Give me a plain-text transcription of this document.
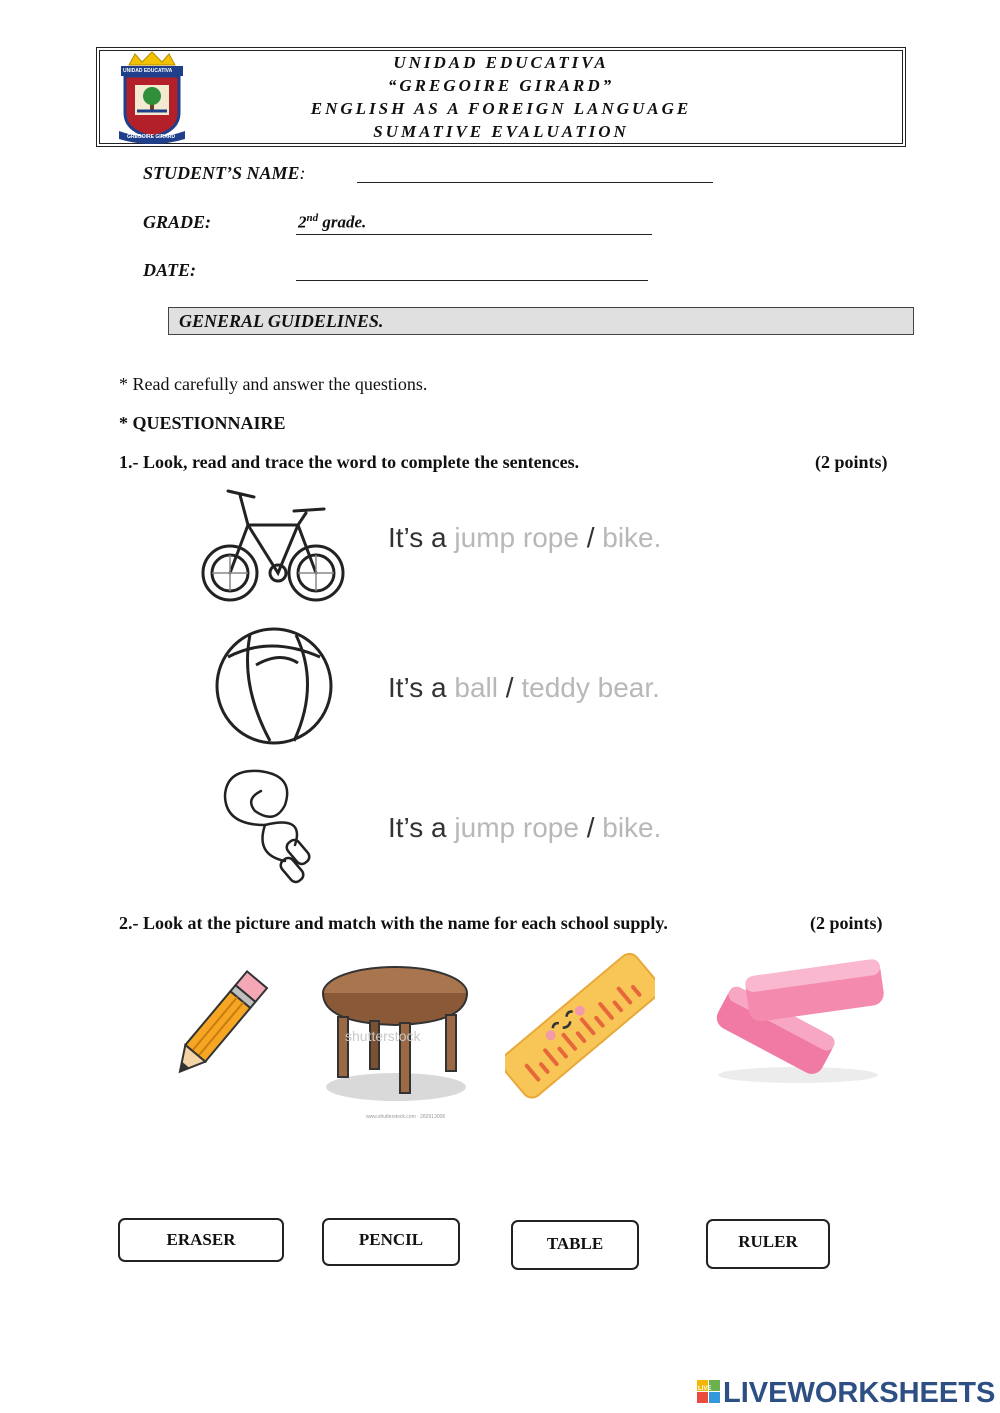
UNIDAD EDUCATIVA
GREGOIRE GIRARD
UNIDAD EDUCATIVA
“GREGOIRE GIRARD”
ENGLISH AS A FOREIGN LANGUAGE
SUMATIVE EVALUATION
STUDENT’S NAME:
GRADE:	2nd grade.
DATE:
GENERAL GUIDELINES.
* Read carefully and answer the questions.
* QUESTIONNAIRE
1.- Look, read and trace the word to complete the sentences.	(2 points)
It’s a jump rope / bike.
It’s a ball / teddy bear.
It’s a jump rope / bike.
2.- Look at the picture and match with the name for each school supply.	(2 points)
shutterstock
www.shutterstock.com · 282913006
ERASER	PENCIL	TABLE	RULER
LIVE LIVEWORKSHEETS
